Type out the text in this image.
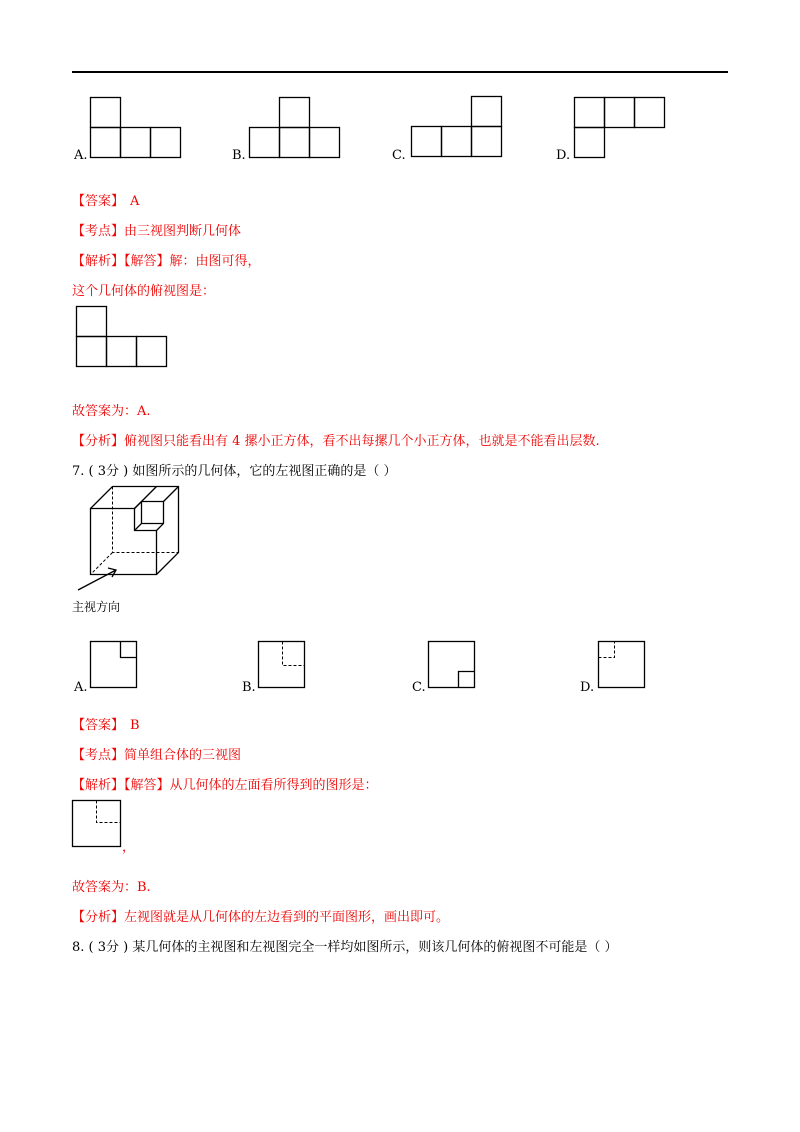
A.	B.	C.	D.
【答案】 A
【考点】由三视图判断几何体
【解析】【解答】解：由图可得，
这个几何体的俯视图是：
故答案为：A.
【分析】俯视图只能看出有 4 摞小正方体，看不出每摞几个小正方体，也就是不能看出层数.
7. ( 3分 ) 如图所示的几何体，它的左视图正确的是（ ）
主视方向
A.	B.	C.	D.
【答案】 B
【考点】简单组合体的三视图
【解析】【解答】从几何体的左面看所得到的图形是：
，
故答案为：B.
【分析】左视图就是从几何体的左边看到的平面图形，画出即可。
8. ( 3分 ) 某几何体的主视图和左视图完全一样均如图所示，则该几何体的俯视图不可能是（ ）
